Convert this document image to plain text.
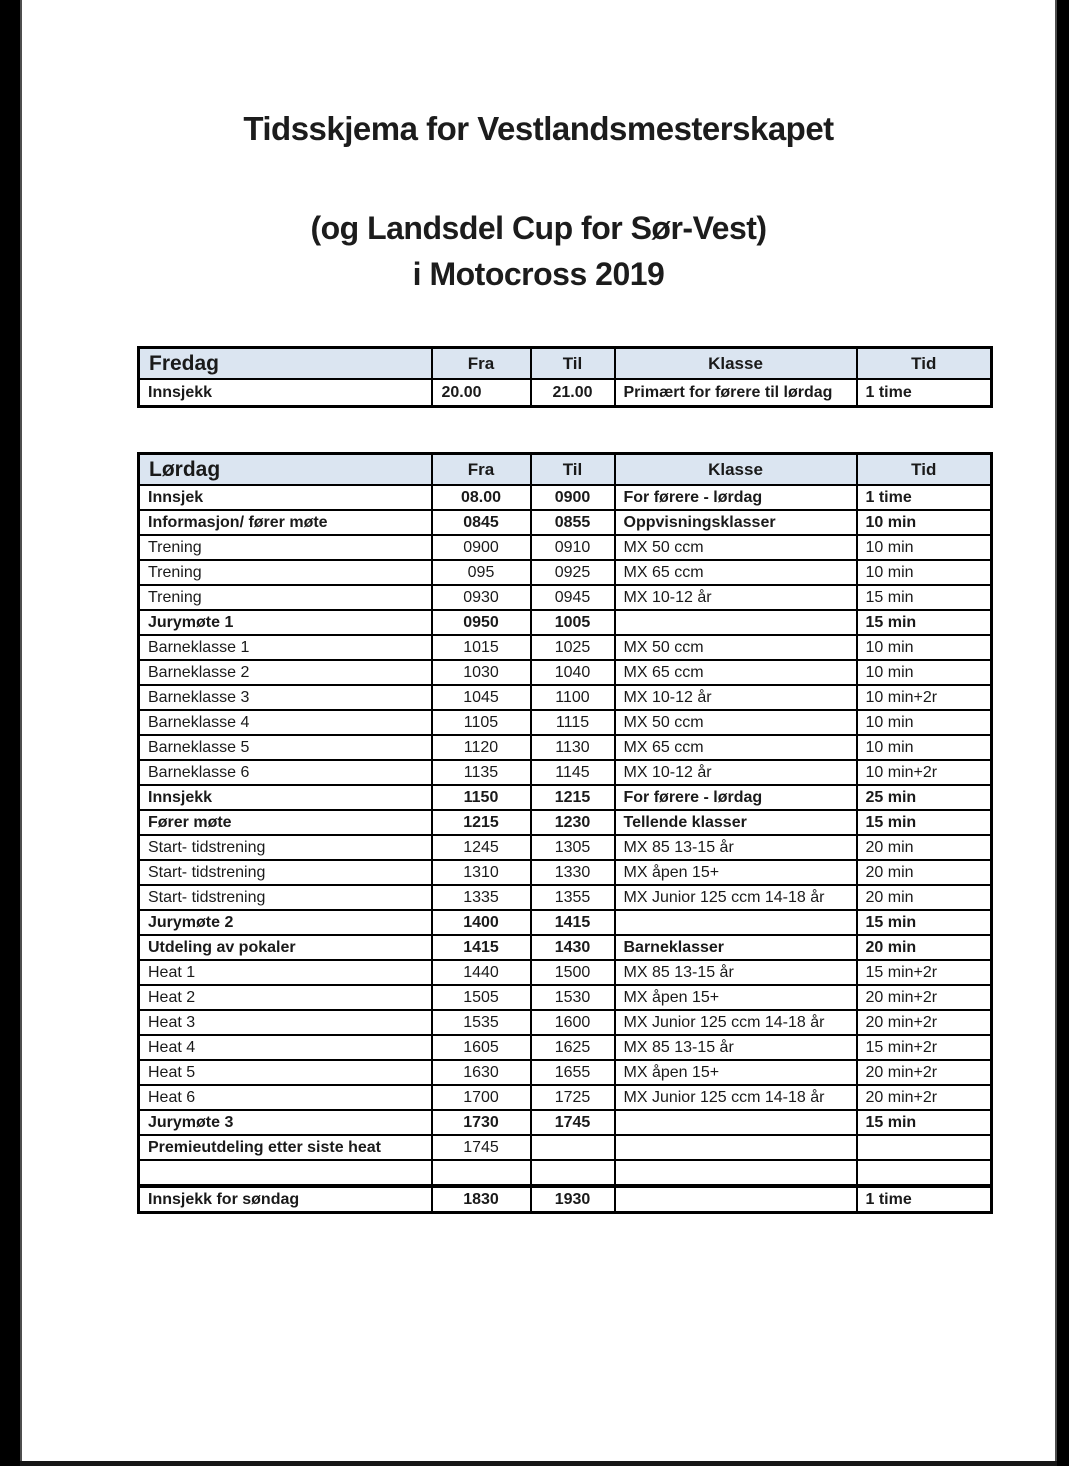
Tidsskjema for Vestlandsmesterskapet
(og Landsdel Cup for Sør-Vest)
i Motocross 2019
Fredag	Fra	Til	Klasse	Tid
Innsjekk	20.00	21.00	Primært for førere til lørdag	1 time
Lørdag	Fra	Til	Klasse	Tid
Innsjek	08.00	0900	For førere - lørdag	1 time
Informasjon/ fører møte	0845	0855	Oppvisningsklasser	10 min
Trening	0900	0910	MX 50 ccm	10 min
Trening	095	0925	MX 65 ccm	10 min
Trening	0930	0945	MX 10-12 år	15 min
Jurymøte 1	0950	1005		15 min
Barneklasse 1	1015	1025	MX 50 ccm	10 min
Barneklasse 2	1030	1040	MX 65 ccm	10 min
Barneklasse 3	1045	1100	MX 10-12 år	10 min+2r
Barneklasse 4	1105	1115	MX 50 ccm	10 min
Barneklasse 5	1120	1130	MX 65 ccm	10 min
Barneklasse 6	1135	1145	MX 10-12 år	10 min+2r
Innsjekk	1150	1215	For førere - lørdag	25 min
Fører møte	1215	1230	Tellende klasser	15 min
Start- tidstrening	1245	1305	MX 85 13-15 år	20 min
Start- tidstrening	1310	1330	MX åpen 15+	20 min
Start- tidstrening	1335	1355	MX Junior 125 ccm 14-18 år	20 min
Jurymøte 2	1400	1415		15 min
Utdeling av pokaler	1415	1430	Barneklasser	20 min
Heat 1	1440	1500	MX 85 13-15 år	15 min+2r
Heat 2	1505	1530	MX åpen 15+	20 min+2r
Heat 3	1535	1600	MX Junior 125 ccm 14-18 år	20 min+2r
Heat 4	1605	1625	MX 85 13-15 år	15 min+2r
Heat 5	1630	1655	MX åpen 15+	20 min+2r
Heat 6	1700	1725	MX Junior 125 ccm 14-18 år	20 min+2r
Jurymøte 3	1730	1745		15 min
Premieutdeling etter siste heat	1745			

Innsjekk for søndag	1830	1930		1 time
